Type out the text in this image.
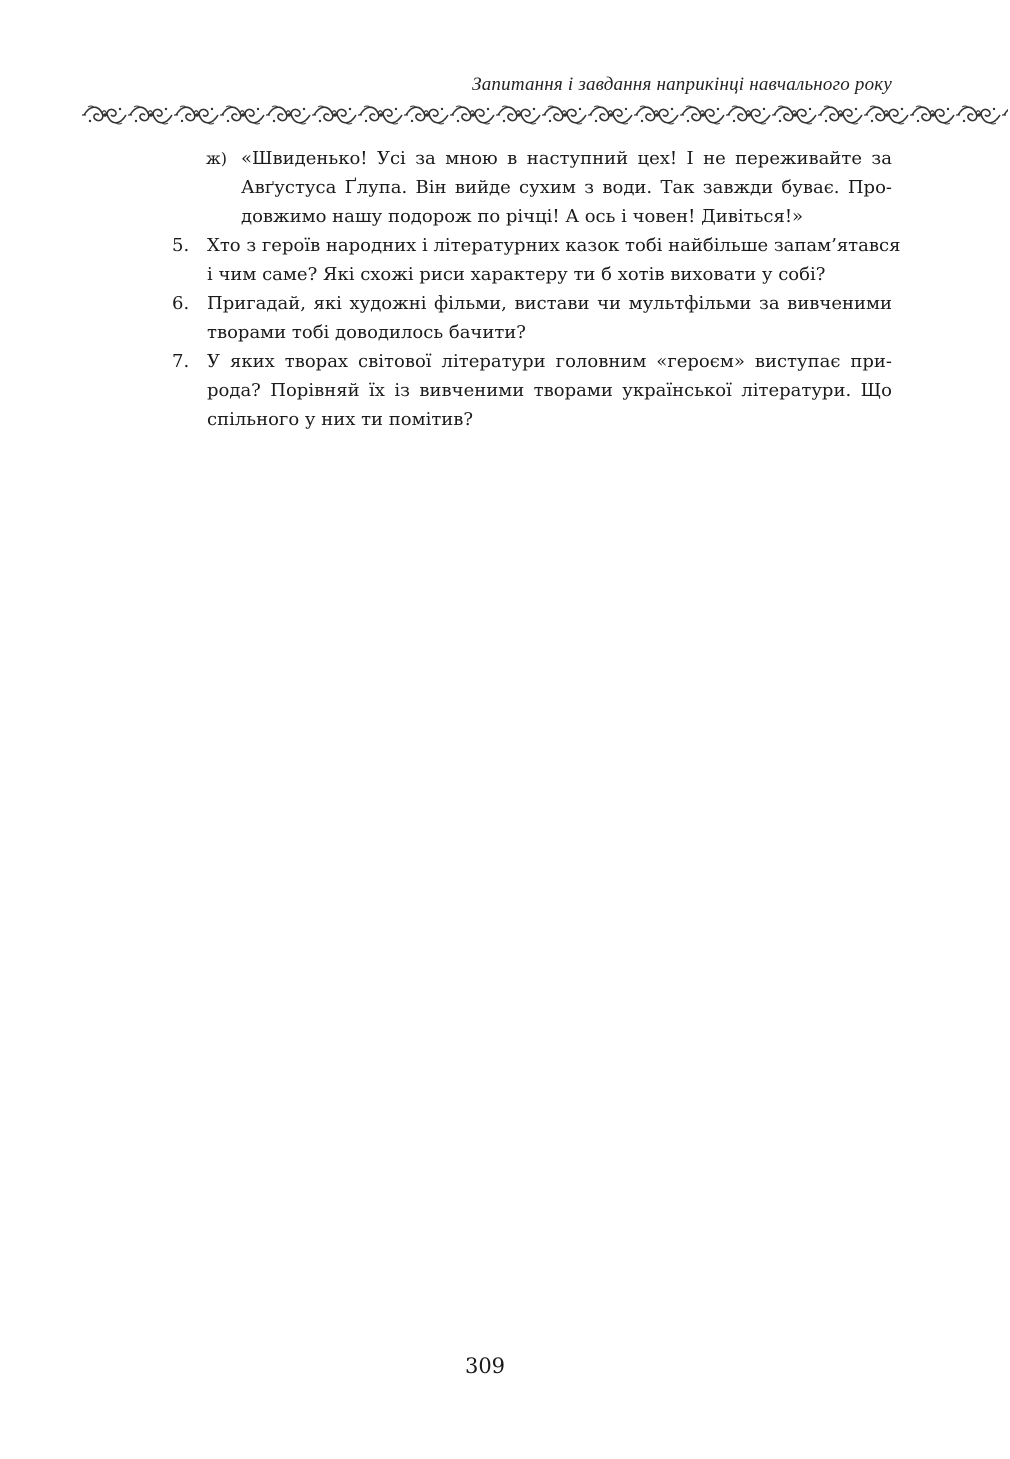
Запитання і завдання наприкінці навчального року
ж) «Швиденько! Усі за мною в наступний цех! І не переживайте за
Авґустуса Ґлупа. Він вийде сухим з води. Так завжди буває. Про-
довжимо нашу подорож по річці! А ось і човен! Дивіться!»
5. Хто з героїв народних і літературних казок тобі найбільше запам’ятався
і чим саме? Які схожі риси характеру ти б хотів виховати у собі?
6. Пригадай, які художні фільми, вистави чи мультфільми за вивченими
творами тобі доводилось бачити?
7. У яких творах світової літератури головним «героєм» виступає при-
рода? Порівняй їх із вивченими творами української літератури. Що
спільного у них ти помітив?
309
